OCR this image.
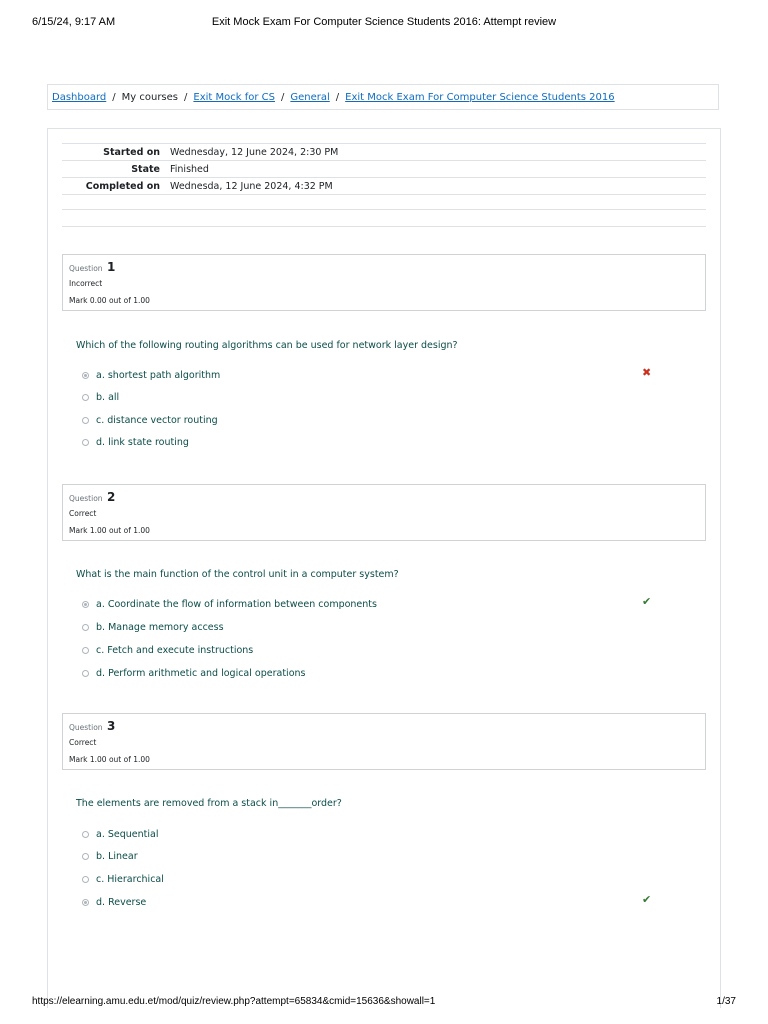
6/15/24, 9:17 AM	Exit Mock Exam For Computer Science Students 2016: Attempt review
Dashboard / My courses / Exit Mock for CS / General / Exit Mock Exam For Computer Science Students 2016
Started on	Wednesday, 12 June 2024, 2:30 PM
State	Finished
Completed on	Wednesda, 12 June 2024, 4:32 PM
Question 1
Incorrect
Mark 0.00 out of 1.00
Which of the following routing algorithms can be used for network layer design?
a. shortest path algorithm
b. all
c. distance vector routing
d. link state routing
✖
Question 2
Correct
Mark 1.00 out of 1.00
What is the main function of the control unit in a computer system?
a. Coordinate the flow of information between components
b. Manage memory access
c. Fetch and execute instructions
d. Perform arithmetic and logical operations
✔
Question 3
Correct
Mark 1.00 out of 1.00
The elements are removed from a stack in_______order?
a. Sequential
b. Linear
c. Hierarchical
d. Reverse	✔
https://elearning.amu.edu.et/mod/quiz/review.php?attempt=65834&cmid=15636&showall=1	1/37
